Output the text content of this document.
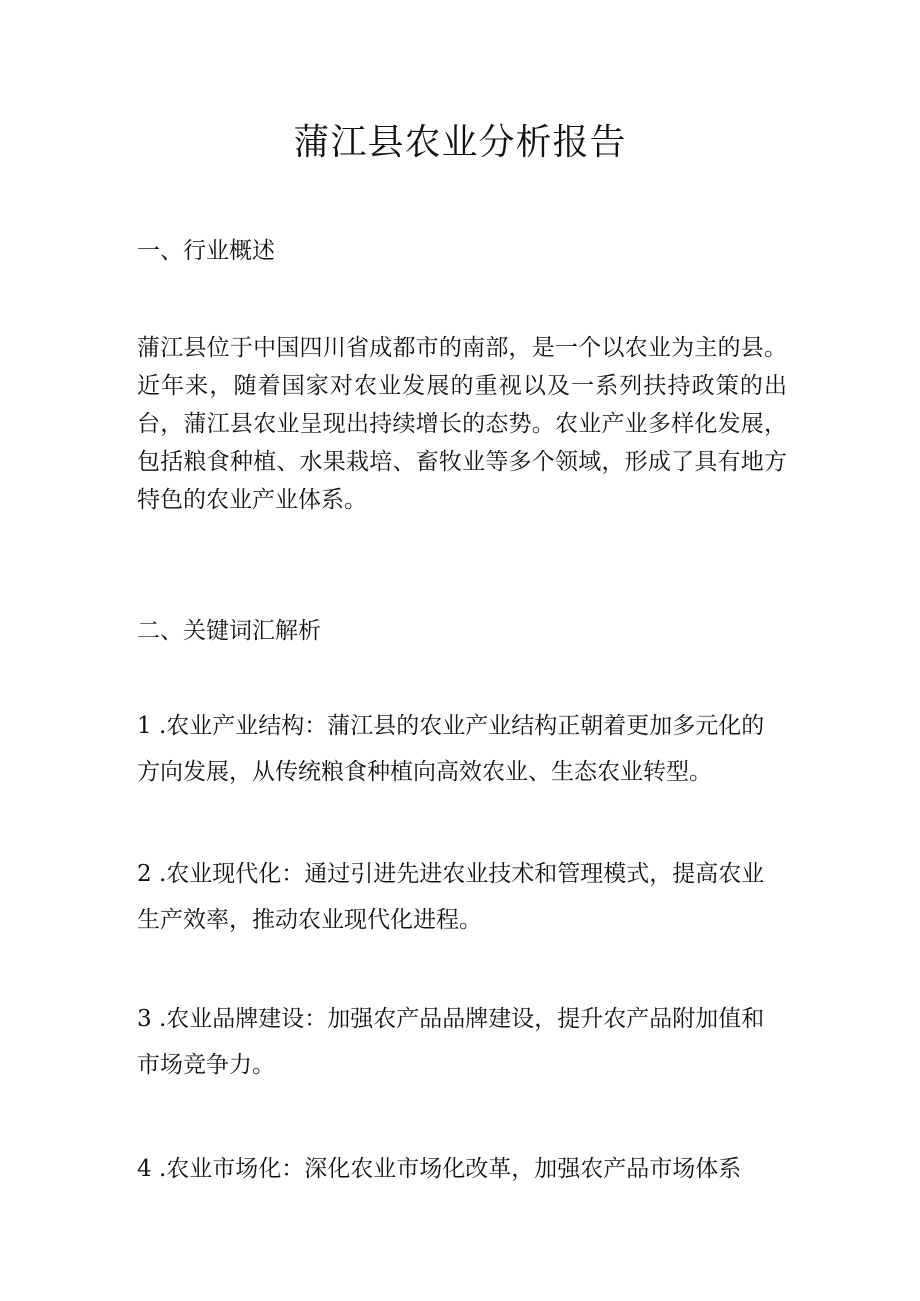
蒲江县农业分析报告
一、行业概述

蒲江县位于中国四川省成都市的南部，是一个以农业为主的县。近年来，随着国家对农业发展的重视以及一系列扶持政策的出台，蒲江县农业呈现出持续增长的态势。农业产业多样化发展，包括粮食种植、水果栽培、畜牧业等多个领域，形成了具有地方特色的农业产业体系。

二、关键词汇解析

1 .农业产业结构：蒲江县的农业产业结构正朝着更加多元化的方向发展，从传统粮食种植向高效农业、生态农业转型。

2 .农业现代化：通过引进先进农业技术和管理模式，提高农业生产效率，推动农业现代化进程。

3 .农业品牌建设：加强农产品品牌建设，提升农产品附加值和市场竞争力。

4 .农业市场化：深化农业市场化改革，加强农产品市场体系
